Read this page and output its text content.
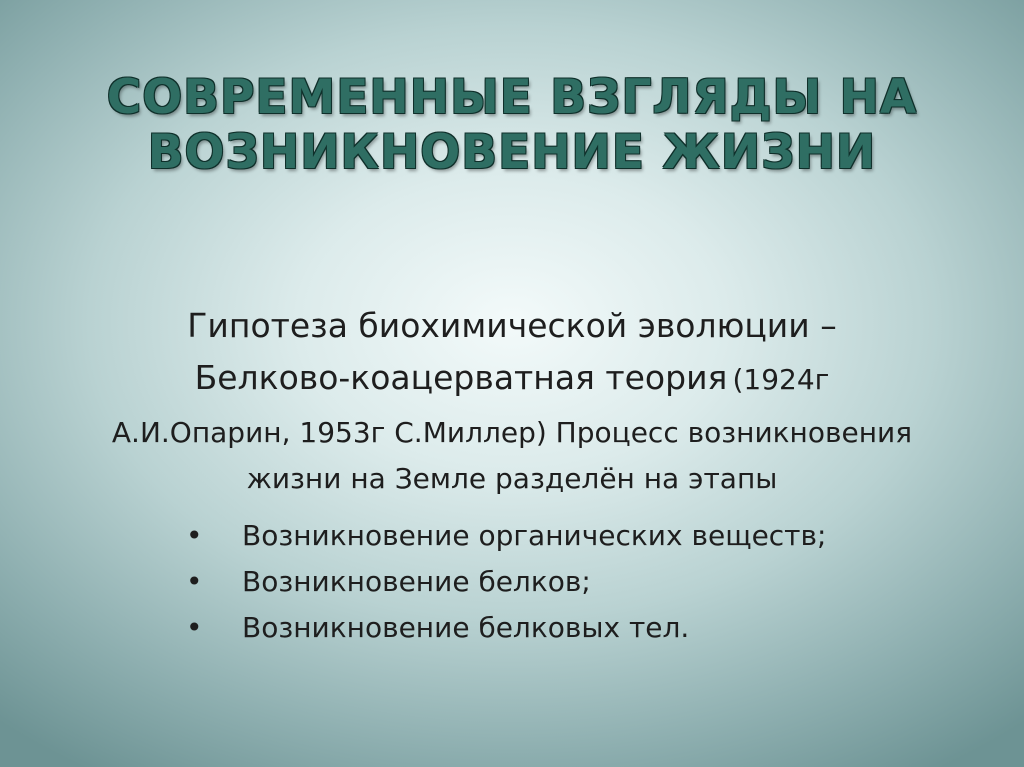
СОВРЕМЕННЫЕ ВЗГЛЯДЫ НА
ВОЗНИКНОВЕНИЕ ЖИЗНИ
Гипотеза биохимической эволюции –
Белково-коацерватная теория (1924г
А.И.Опарин, 1953г С.Миллер) Процесс возникновения
жизни на Земле разделён на этапы
•	Возникновение органических веществ;
•	Возникновение белков;
•	Возникновение белковых тел.
